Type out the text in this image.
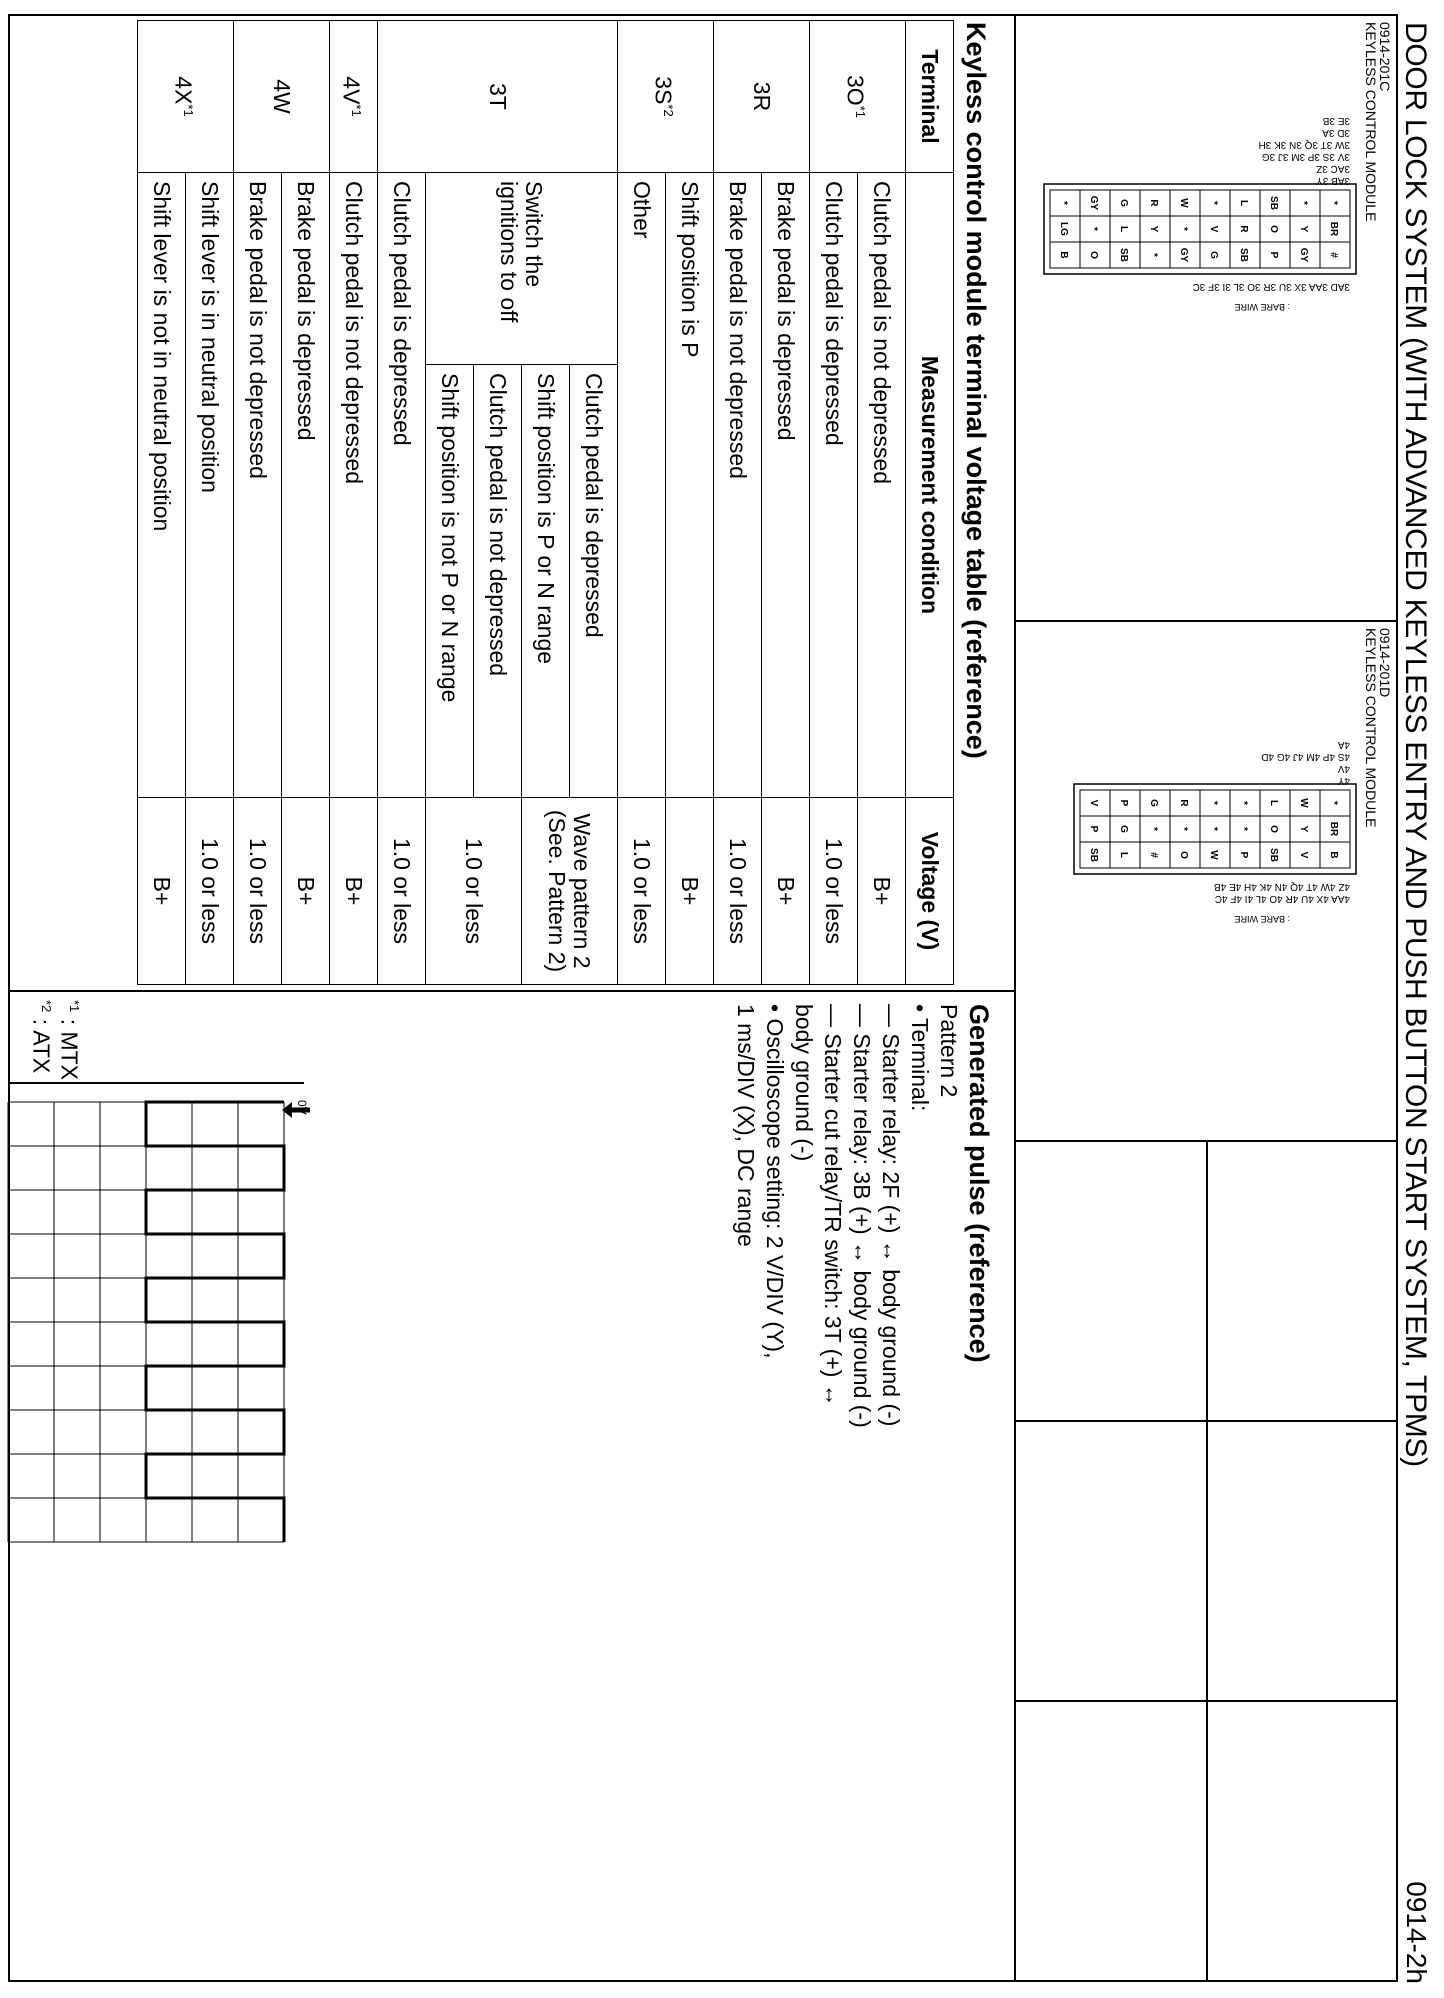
DOOR LOCK SYSTEM (WITH ADVANCED KEYLESS ENTRY AND PUSH BUTTON START SYSTEM, TPMS)
0914-2h
0914-201C
KEYLESS CONTROL MODULE
*
*
SB
L
*
W
R
G
GY
*
BR
Y
O
R
V
*
Y
L
*
LG
#
GY
P
SB
G
GY
*
SB
O
B
3AB 3Y
3AC 3Z
3V 3S 3P 3M 3J 3G
3W 3T 3Q 3N 3K 3H
3D 3A
3E 3B
3AD 3AA 3X 3U 3R 3O 3L 3I 3F 3C
: BARE WIRE
0914-201D
KEYLESS CONTROL MODULE
*
W
L
*
*
R
G
P
V
BR
Y
O
*
*
*
*
G
P
B
V
SB
P
W
O
#
L
SB
4Y
4V
4S 4P 4M 4J 4G 4D
4A
4Z 4W 4T 4Q 4N 4K 4H 4E 4B
4AA 4X 4U 4R 4O 4L 4I 4F 4C
: BARE WIRE
Keyless control module terminal voltage table (reference)
Terminal	Measurement condition		Voltage (V)
$3O^{*1}$	Clutch pedal is not depressed		B+
	Clutch pedal is depressed		1.0 or less
3R	Brake pedal is depressed		B+
	Brake pedal is not depressed		1.0 or less
$3S^{*2}$	Shift position is P		B+
	Other		1.0 or less
3T	Switch the ignitions to off	Clutch pedal is depressed	Wave pattern 2 (See. Pattern 2)
		Shift position is P or N range	
		Clutch pedal is not depressed	1.0 or less
		Shift position is not P or N range	
	Clutch pedal is depressed		1.0 or less
$4V^{*1}$	Clutch pedal is not depressed		B+
4W	Brake pedal is depressed		B+
	Brake pedal is not depressed		1.0 or less
$4X^{*1}$	Shift lever is in neutral position		1.0 or less
	Shift lever is not in neutral position		B+
Generated pulse (reference)
Pattern 2
• Terminal:
— Starter relay: 2F (+) ↔ body ground (-)
— Starter relay: 3B (+) ↔ body ground (-)
— Starter cut relay/TR switch: 3T (+) ↔
body ground (-)
• Oscilloscope setting: 2 V/DIV (Y),
1 ms/DIV (X), DC range
0V
$^{*1}$ : MTX
$^{*2}$ : ATX
